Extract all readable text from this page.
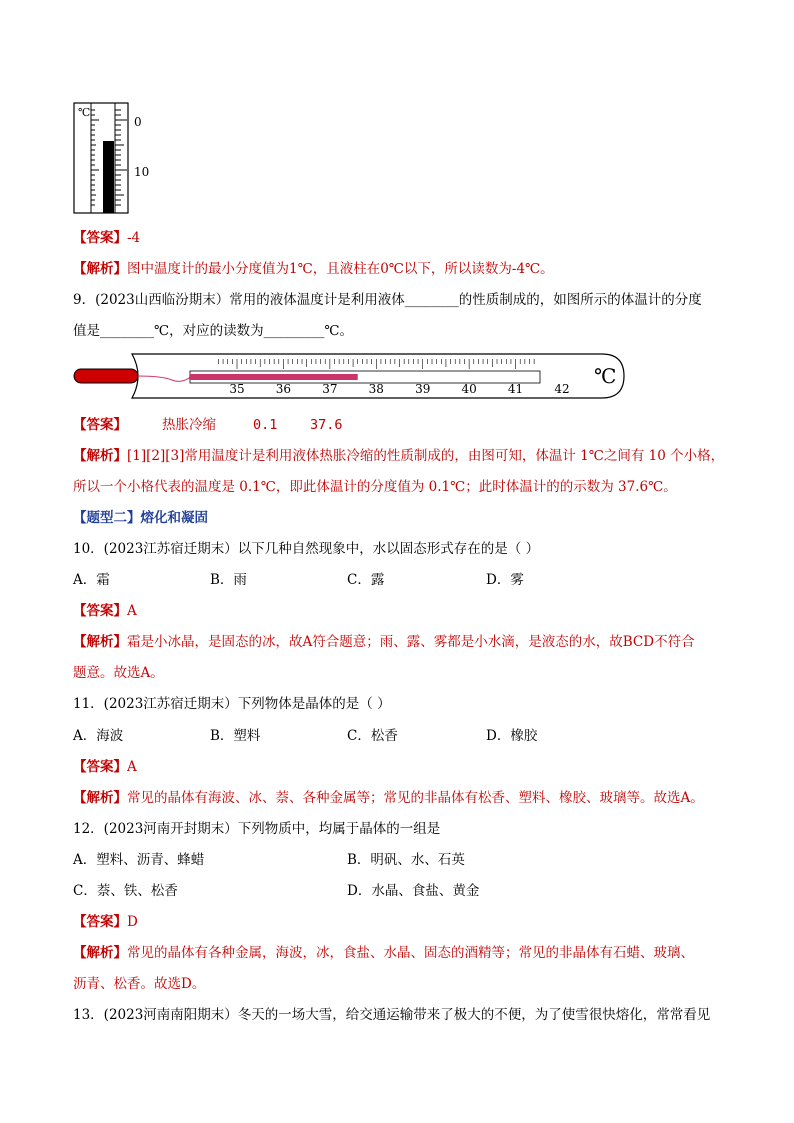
℃
0
10
【答案】-4
【解析】图中温度计的最小分度值为1℃，且液柱在0℃以下，所以读数为-4℃。
9．(2023山西临汾期末）常用的液体温度计是利用液体________的性质制成的，如图所示的体温计的分度
值是________℃，对应的读数为_________℃。
35	36	37	38	39	40	41	42
℃
【答案】	热胀冷缩	0.1 37.6
【解析】[1][2][3]常用温度计是利用液体热胀冷缩的性质制成的，由图可知，体温计 1℃之间有 10 个小格，
所以一个小格代表的温度是 0.1℃，即此体温计的分度值为 0.1℃；此时体温计的的示数为 37.6℃。
【题型二】熔化和凝固
10．(2023江苏宿迁期末）以下几种自然现象中，水以固态形式存在的是（ ）
A．霜	B．雨	C．露	D．雾
【答案】A
【解析】霜是小冰晶，是固态的冰，故A符合题意；雨、露、雾都是小水滴，是液态的水，故BCD不符合
题意。故选A。
11．(2023江苏宿迁期末）下列物体是晶体的是（ ）
A．海波	B．塑料	C．松香	D．橡胶
【答案】A
【解析】常见的晶体有海波、冰、萘、各种金属等；常见的非晶体有松香、塑料、橡胶、玻璃等。故选A。
12．(2023河南开封期末）下列物质中，均属于晶体的一组是
A．塑料、沥青、蜂蜡	B．明矾、水、石英
C．萘、铁、松香	D．水晶、食盐、黄金
【答案】D
【解析】常见的晶体有各种金属，海波，冰，食盐、水晶、固态的酒精等；常见的非晶体有石蜡、玻璃、
沥青、松香。故选D。
13．(2023河南南阳期末）冬天的一场大雪，给交通运输带来了极大的不便，为了使雪很快熔化，常常看见
